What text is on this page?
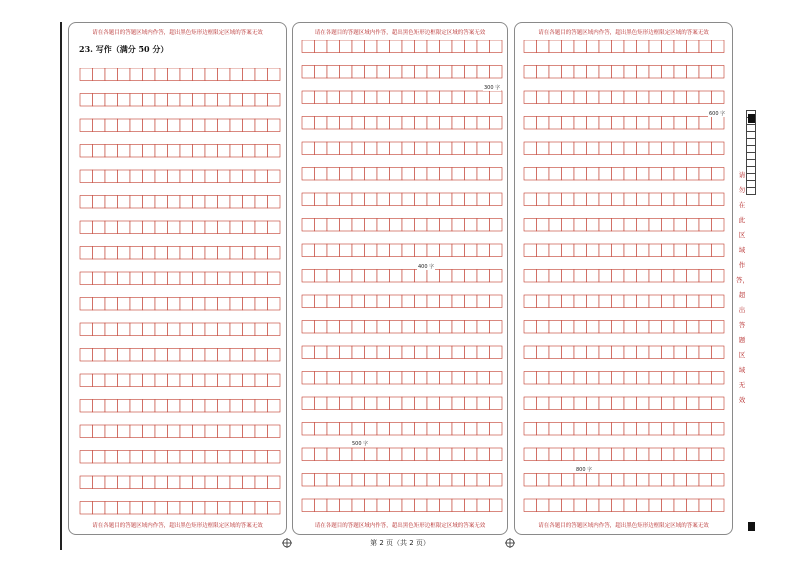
请在各题目的答题区域内作答，超出黑色矩形边框限定区域的答案无效
23. 写作（满分 50 分）
请在各题目的答题区域内作答，超出黑色矩形边框限定区域的答案无效
请在各题目的答题区域内作答，超出黑色矩形边框限定区域的答案无效
300 字
400 字
500 字
请在各题目的答题区域内作答，超出黑色矩形边框限定区域的答案无效
请在各题目的答题区域内作答，超出黑色矩形边框限定区域的答案无效
600 字
800 字
请在各题目的答题区域内作答，超出黑色矩形边框限定区域的答案无效
请勿在此区域作答，超出答题区域无效
第 2 页（共 2 页）
